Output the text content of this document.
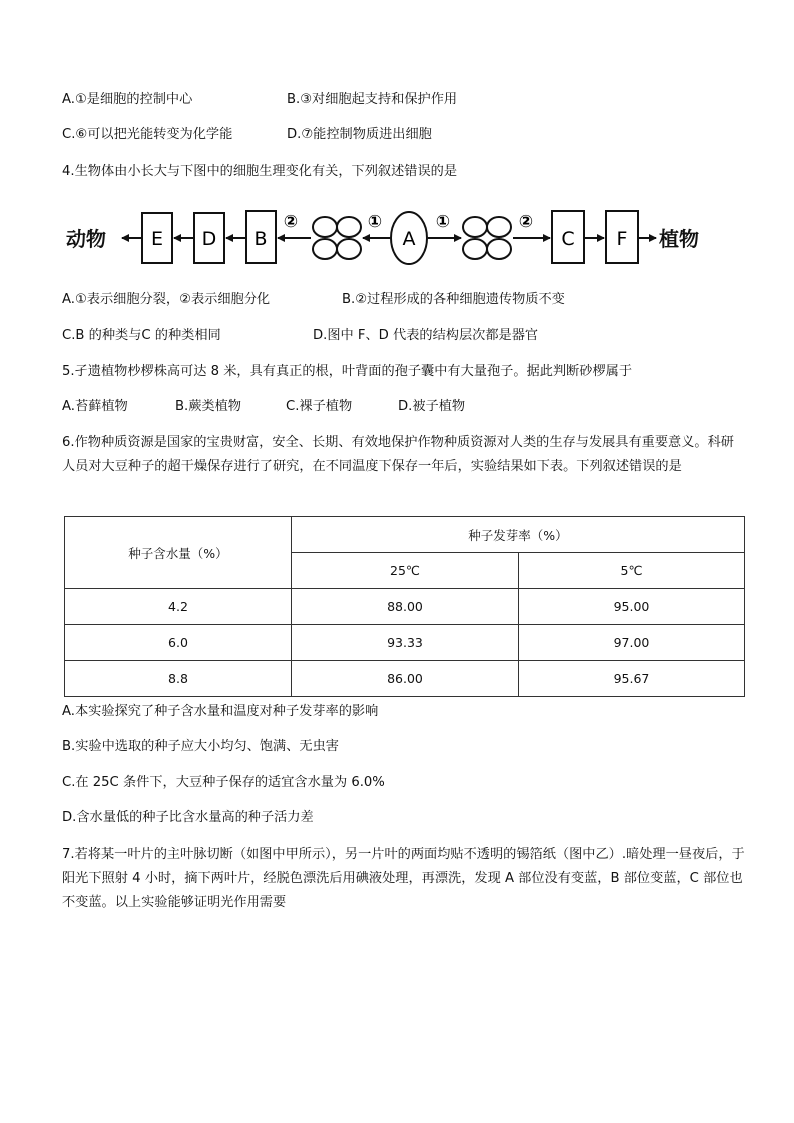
A.①是细胞的控制中心	B.③对细胞起支持和保护作用
C.⑥可以把光能转变为化学能	D.⑦能控制物质进出细胞
4.生物体由小长大与下图中的细胞生理变化有关，下列叙述错误的是
动物 E D B
②	①
A
①	②
C F 植物
A.①表示细胞分裂，②表示细胞分化	B.②过程形成的各种细胞遗传物质不变
C.B 的种类与C 的种类相同	D.图中 F、D 代表的结构层次都是器官
5.孑遗植物杪椤株高可达 8 米，具有真正的根，叶背面的孢子囊中有大量孢子。据此判断砂椤属于
A.苔藓植物	B.蕨类植物	C.裸子植物	D.被子植物
6.作物种质资源是国家的宝贵财富，安全、长期、有效地保护作物种质资源对人类的生存与发展具有重要意义。科研人员对大豆种子的超干燥保存进行了研究，在不同温度下保存一年后，实验结果如下表。下列叙述错误的是
种子含水量（%）	种子发芽率（%）	
	25℃	5℃
4.2	88.00	95.00
6.0	93.33	97.00
8.8	86.00	95.67
A.本实验探究了种子含水量和温度对种子发芽率的影响
B.实验中选取的种子应大小均匀、饱满、无虫害
C.在 25C 条件下，大豆种子保存的适宜含水量为 6.0%
D.含水量低的种子比含水量高的种子活力差
7.若将某一叶片的主叶脉切断（如图中甲所示），另一片叶的两面均贴不透明的锡箔纸（图中乙）.暗处理一昼夜后，于阳光下照射 4 小时，摘下两叶片，经脱色漂洗后用碘液处理，再漂洗，发现 A 部位没有变蓝，B 部位变蓝，C 部位也不变蓝。以上实验能够证明光作用需要
